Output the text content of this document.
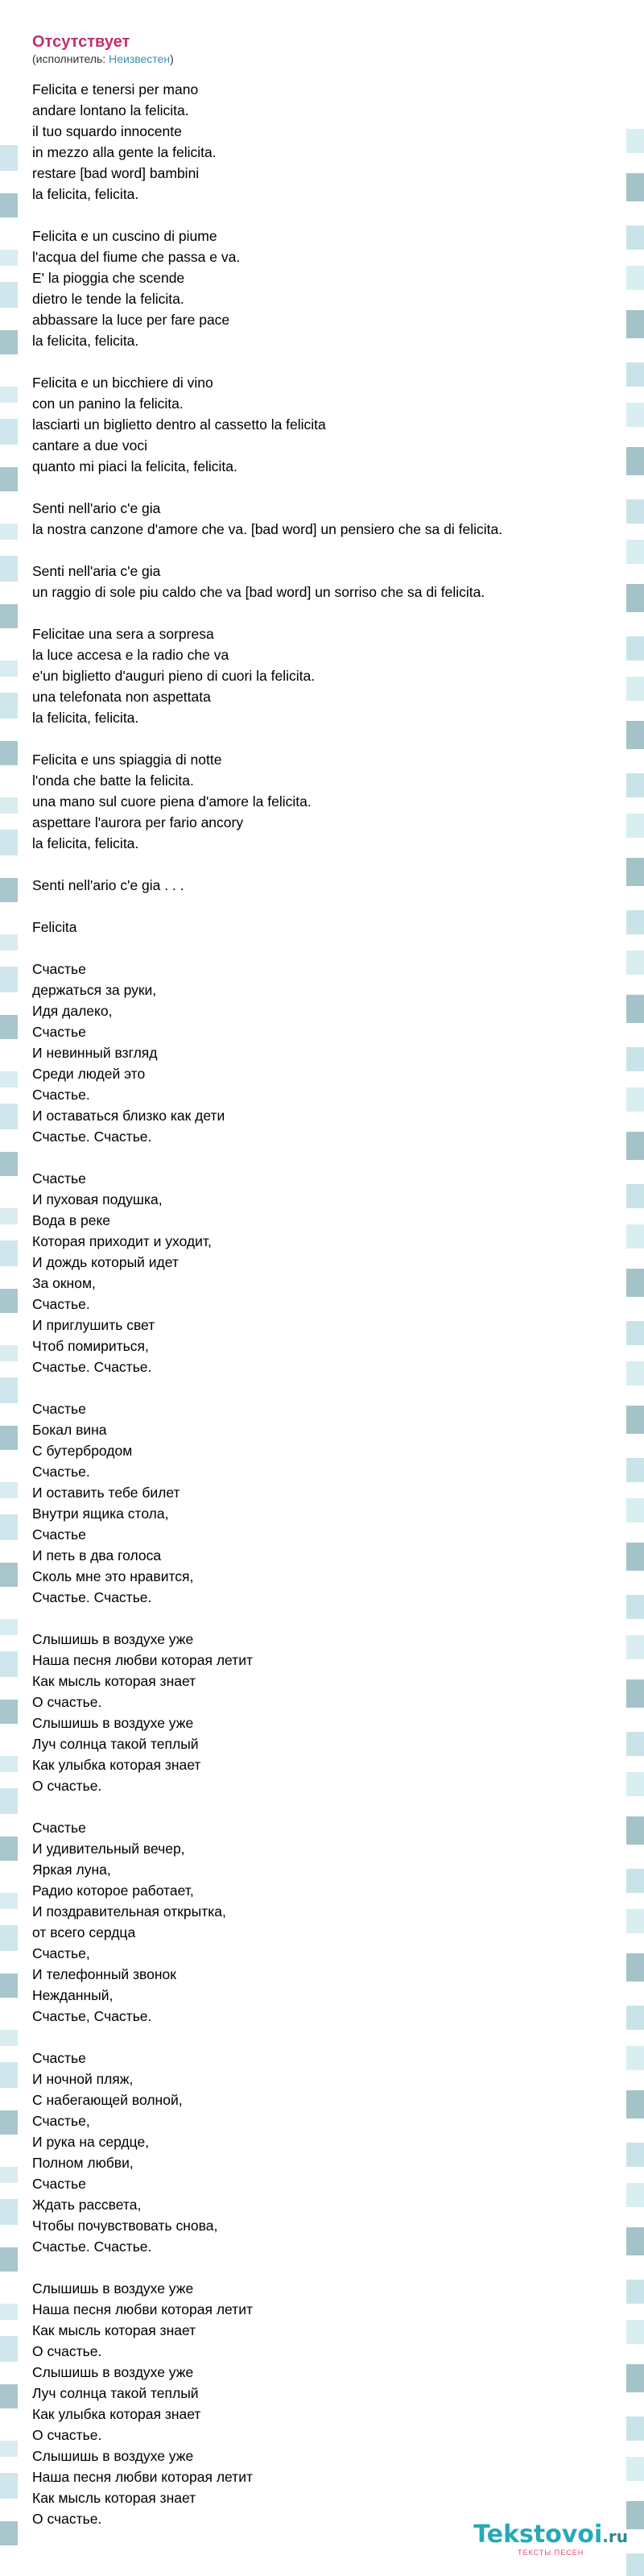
Отсутствует
(исполнитель: Неизвестен)
Felicita e tenersi per mano
andare lontano la felicita.
il tuo squardo innocente
in mezzo alla gente la felicita.
restare [bad word] bambini
la felicita, felicita.
Felicita e un cuscino di piume
l'acqua del fiume che passa e va.
E' la pioggia che scende
dietro le tende la felicita.
abbassare la luce per fare pace
la felicita, felicita.
Felicita e un bicchiere di vino
con un panino la felicita.
lasciarti un biglietto dentro al cassetto la felicita
cantare a due voci
quanto mi piaci la felicita, felicita.
Senti nell'ario c'e gia
la nostra canzone d'amore che va. [bad word] un pensiero che sa di felicita.
Senti nell'aria c'e gia
un raggio di sole piu caldo che va [bad word] un sorriso che sa di felicita.
Felicitae una sera a sorpresa
la luce accesa e la radio che va
e'un biglietto d'auguri pieno di cuori la felicita.
una telefonata non aspettata
la felicita, felicita.
Felicita e uns spiaggia di notte
l'onda che batte la felicita.
una mano sul cuore piena d'amore la felicita.
aspettare l'aurora per fario ancory
la felicita, felicita.
Senti nell'ario c'e gia . . .
Felicita
Счастье
держаться за руки,
Идя далеко,
Счастье
И невинный взгляд
Среди людей это
Счастье.
И оставаться близко как дети
Счастье. Счастье.
Счастье
И пуховая подушка,
Вода в реке
Которая приходит и уходит,
И дождь который идет
За окном,
Счастье.
И приглушить свет
Чтоб помириться,
Счастье. Счастье.
Счастье
Бокал вина
С бутербродом
Счастье.
И оставить тебе билет
Внутри ящика стола,
Счастье
И петь в два голоса
Сколь мне это нравится,
Счастье. Счастье.
Слышишь в воздухе уже
Наша песня любви которая летит
Как мысль которая знает
О счастье.
Слышишь в воздухе уже
Луч солнца такой теплый
Как улыбка которая знает
О счастье.
Счастье
И удивительный вечер,
Яркая луна,
Радио которое работает,
И поздравительная открытка,
от всего сердца
Счастье,
И телефонный звонок
Нежданный,
Счастье, Счастье.
Счастье
И ночной пляж,
С набегающей волной,
Счастье,
И рука на сердце,
Полном любви,
Счастье
Ждать рассвета,
Чтобы почувствовать снова,
Счастье. Счастье.
Слышишь в воздухе уже
Наша песня любви которая летит
Как мысль которая знает
О счастье.
Слышишь в воздухе уже
Луч солнца такой теплый
Как улыбка которая знает
О счастье.
Слышишь в воздухе уже
Наша песня любви которая летит
Как мысль которая знает
О счастье.
Tekstovoi.ru
ТЕКСТЫ ПЕСЕН
